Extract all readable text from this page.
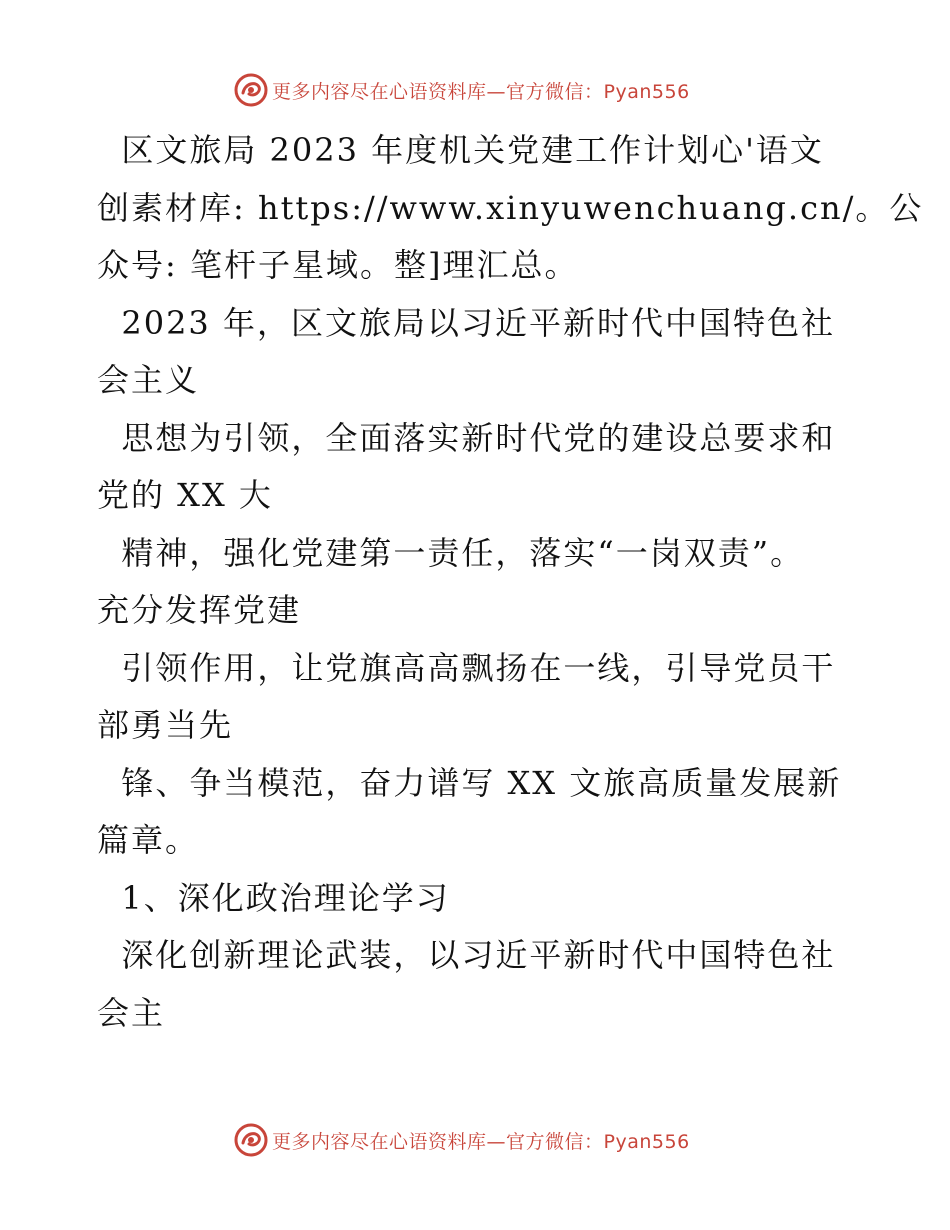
更多内容尽在心语资料库—官方微信：Pyan556
区文旅局 2023 年度机关党建工作计划心'语文
创素材库: https://www.xinyuwenchuang.cn/。公
众号: 笔杆子星域。整]理汇总。
2023 年，区文旅局以习近平新时代中国特色社
会主义
思想为引领，全面落实新时代党的建设总要求和
党的 XX 大
精神，强化党建第一责任，落实“一岗双责”。
充分发挥党建
引领作用，让党旗高高飘扬在一线，引导党员干
部勇当先
锋、争当模范，奋力谱写 XX 文旅高质量发展新
篇章。
1、深化政治理论学习
深化创新理论武装，以习近平新时代中国特色社
会主
更多内容尽在心语资料库—官方微信：Pyan556
